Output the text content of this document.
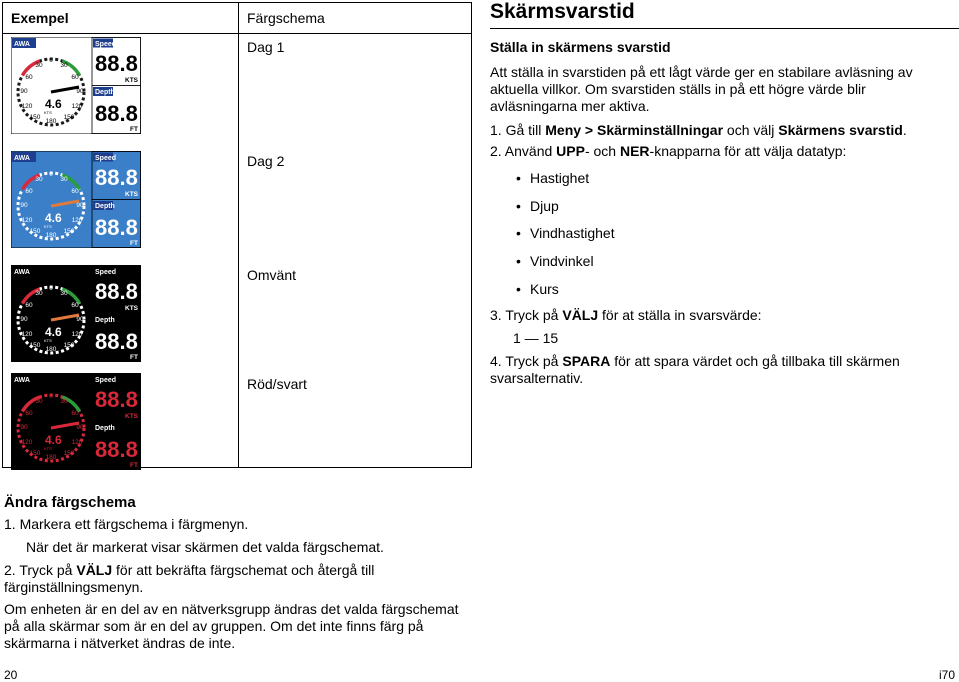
Exempel	Färgschema
Dag 1
Dag 2
Omvänt
Röd/svart
AWA
0
30	30
60	60
90	90
120	120
150	150
180
4.6
KTS
Speed
88.8
KTS
Depth
88.8
FT
AWA
0
30	30
60	60
90	90
120	120
150	150
180
4.6
KTS
Speed
88.8
KTS
Depth
88.8
FT
AWA
0
30	30
60	60
90	90
120	120
150	150
180
4.6
KTS
Speed
88.8
KTS
Depth
88.8
FT
AWA
0
30	30
60	60
90	90
120	120
150	150
180
4.6
KTS
Speed
88.8
KTS
Depth
88.8
FT
Skärmsvarstid
Ställa in skärmens svarstid
Att ställa in svarstiden på ett lågt värde ger en stabilare avläsning av aktuella villkor. Om svarstiden ställs in på ett högre värde blir avläsningarna mer aktiva.
1. Gå till Meny > Skärminställningar och välj Skärmens svarstid.
2. Använd UPP- och NER-knapparna för att välja datatyp:
• Hastighet
• Djup
• Vindhastighet
• Vindvinkel
• Kurs
3. Tryck på VÄLJ för at ställa in svarsvärde:
1 — 15
4. Tryck på SPARA för att spara värdet och gå tillbaka till skärmen svarsalternativ.
Ändra färgschema
1. Markera ett färgschema i färgmenyn.
När det är markerat visar skärmen det valda färgschemat.
2. Tryck på VÄLJ för att bekräfta färgschemat och återgå till färginställningsmenyn.
Om enheten är en del av en nätverksgrupp ändras det valda färgschemat på alla skärmar som är en del av gruppen. Om det inte finns färg på skärmarna i nätverket ändras de inte.
20	i70
